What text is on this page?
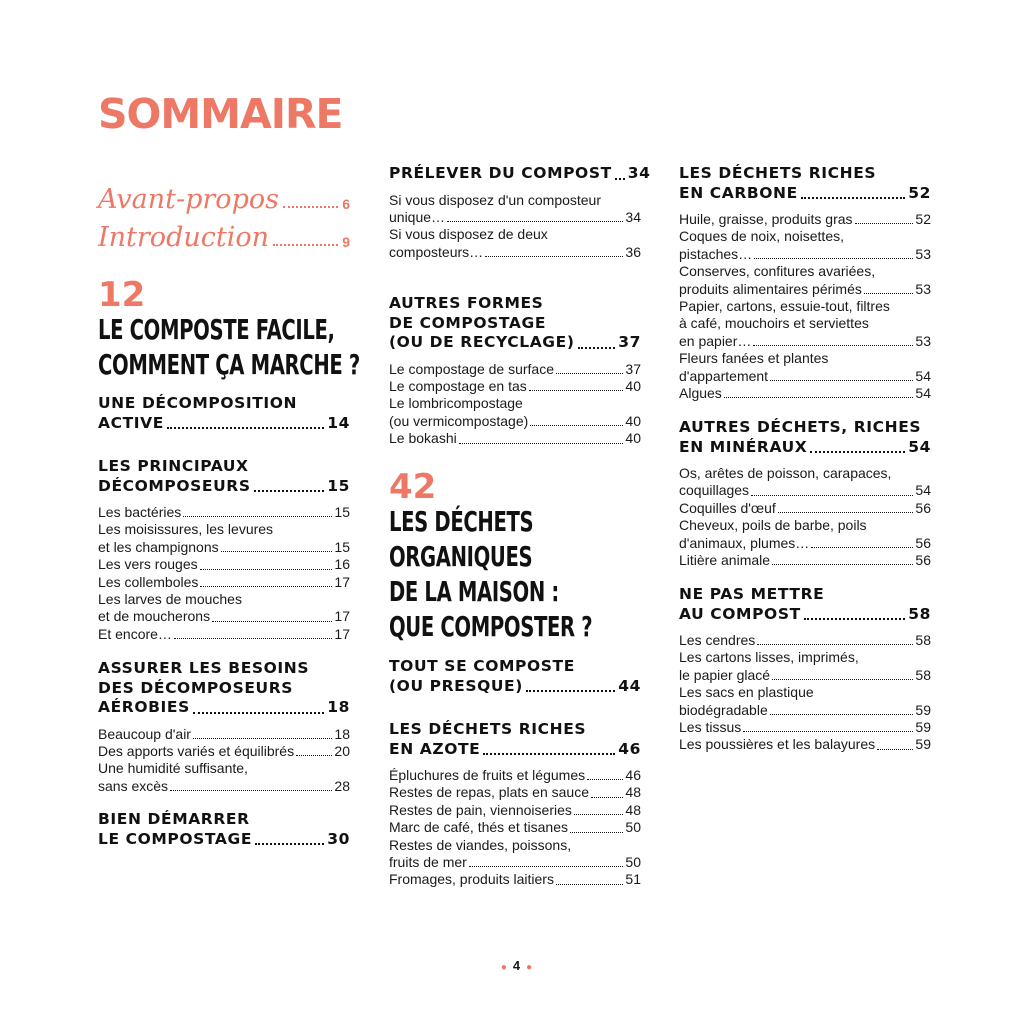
SOMMAIRE
Avant-propos	6
Introduction	9
12
LE COMPOSTE FACILE,
COMMENT ÇA MARCHE ?
42
LES DÉCHETS
ORGANIQUES
DE LA MAISON :
QUE COMPOSTER ?
UNE DÉCOMPOSITION
ACTIVE	14
LES PRINCIPAUX
DÉCOMPOSEURS	15
Les bactéries	15
Les moisissures, les levures
et les champignons	15
Les vers rouges	16
Les collemboles	17
Les larves de mouches
et de moucherons	17
Et encore…	17
ASSURER LES BESOINS
DES DÉCOMPOSEURS
AÉROBIES	18
Beaucoup d'air	18
Des apports variés et équilibrés	20
Une humidité suffisante,
sans excès	28
BIEN DÉMARRER
LE COMPOSTAGE	30
PRÉLEVER DU COMPOST 34
Si vous disposez d'un composteur
unique…	34
Si vous disposez de deux
composteurs…	36
AUTRES FORMES
DE COMPOSTAGE
(OU DE RECYCLAGE)	37
Le compostage de surface	37
Le compostage en tas	40
Le lombricompostage
(ou vermicompostage)	40
Le bokashi	40
TOUT SE COMPOSTE
(OU PRESQUE)	44
LES DÉCHETS RICHES
EN AZOTE	46
Épluchures de fruits et légumes	46
Restes de repas, plats en sauce	48
Restes de pain, viennoiseries	48
Marc de café, thés et tisanes	50
Restes de viandes, poissons,
fruits de mer	50
Fromages, produits laitiers	51
LES DÉCHETS RICHES
EN CARBONE	52
Huile, graisse, produits gras	52
Coques de noix, noisettes,
pistaches…	53
Conserves, confitures avariées,
produits alimentaires périmés	53
Papier, cartons, essuie-tout, filtres
à café, mouchoirs et serviettes
en papier…	53
Fleurs fanées et plantes
d'appartement	54
Algues	54
AUTRES DÉCHETS, RICHES
EN MINÉRAUX	54
Os, arêtes de poisson, carapaces,
coquillages	54
Coquilles d'œuf	56
Cheveux, poils de barbe, poils
d'animaux, plumes…	56
Litière animale	56
NE PAS METTRE
AU COMPOST	58
Les cendres	58
Les cartons lisses, imprimés,
le papier glacé	58
Les sacs en plastique
biodégradable	59
Les tissus	59
Les poussières et les balayures	59
● 4 ●
